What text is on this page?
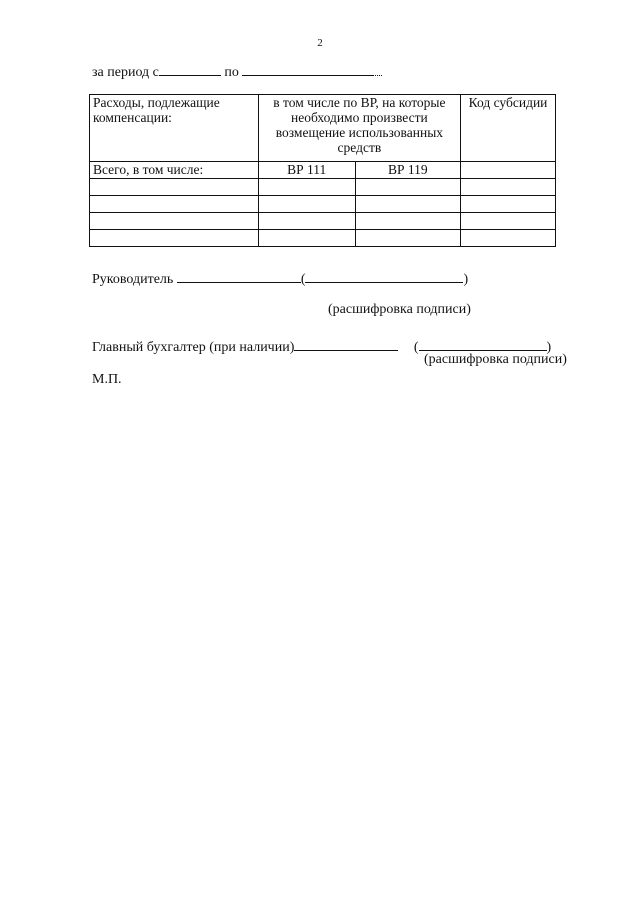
2
за период с	по
Расходы, подлежащие компенсации:	в том числе по ВР, на которые необходимо произвести возмещение использованных средств		Код субсидии
Всего, в том числе:	ВР 111	ВР 119	

Руководитель	(	)
(расшифровка подписи)
Главный бухгалтер (при наличии)	(	)
(расшифровка подписи)
М.П.
